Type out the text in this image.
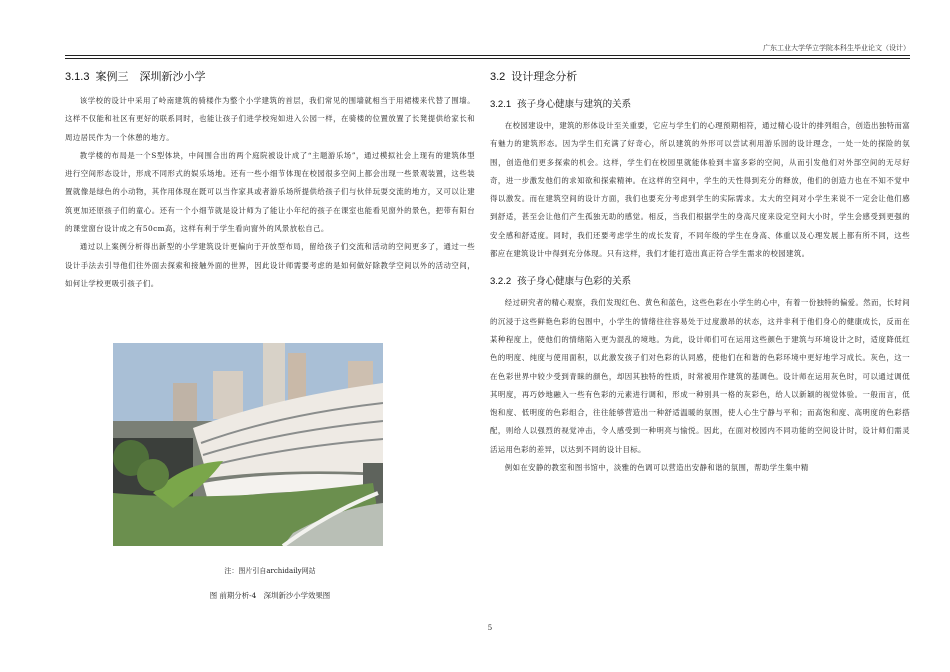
广东工业大学华立学院本科生毕业论文（设计）
3.1.3 案例三　深圳新沙小学

该学校的设计中采用了岭南建筑的骑楼作为整个小学建筑的首层，我们常见的围墙就相当于用裙楼来代替了围墙。这样不仅能和社区有更好的联系同时，也能让孩子们进学校宛如进入公园一样，在骑楼的位置放置了长凳提供给家长和周边居民作为一个休憩的地方。

教学楼的布局是一个S型体块，中间围合出的两个庭院被设计成了“主题游乐场”，通过模拟社会上现有的建筑体型进行空间形态设计，形成不同形式的娱乐场地。还有一些小细节体现在校园很多空间上都会出现一些景观装置，这些装置就像是绿色的小动物，其作用体现在既可以当作家具或者游乐场所提供给孩子们与伙伴玩耍交流的地方，又可以让建筑更加还原孩子们的童心。还有一个小细节就是设计师为了能让小年纪的孩子在课室也能看见窗外的景色，把带有阳台的课堂窗台设计成之有50cm高，这样有利于学生看向窗外的风景放松自己。

通过以上案例分析得出新型的小学建筑设计更偏向于开放型布局，留给孩子们交流和活动的空间更多了，通过一些设计手法去引导他们往外面去探索和接触外面的世界，因此设计师需要考虑的是如何做好除教学空间以外的活动空间，如何让学校更吸引孩子们。

注：图片引自archidaily网站
图 前期分析-4　深圳新沙小学效果图
3.2 设计理念分析
3.2.1 孩子身心健康与建筑的关系

在校园建设中，建筑的形体设计至关重要，它应与学生们的心理预期相符，通过精心设计的排列组合，创造出独特而富有魅力的建筑形态。因为学生们充满了好奇心，所以建筑的外形可以尝试利用游乐园的设计理念，一处一处的探险的氛围，创造他们更多探索的机会。这样，学生们在校园里就能体验到丰富多彩的空间，从而引发他们对外部空间的无尽好奇，进一步激发他们的求知欲和探索精神。在这样的空间中，学生的天性得到充分的释放，他们的创造力也在不知不觉中得以激发。而在建筑空间的设计方面，我们也要充分考虑到学生的实际需求。太大的空间对小学生来说不一定会让他们感到舒适，甚至会让他们产生孤独无助的感觉。相反，当我们根据学生的身高尺度来设定空间大小时，学生会感受到更强的安全感和舒适度。同时，我们还要考虑学生的成长发育，不同年级的学生在身高、体重以及心理发展上都有所不同，这些都应在建筑设计中得到充分体现。只有这样，我们才能打造出真正符合学生需求的校园建筑。

3.2.2 孩子身心健康与色彩的关系

经过研究者的精心观察，我们发现红色、黄色和蓝色，这些色彩在小学生的心中，有着一份独特的偏爱。然而，长时间的沉浸于这些鲜艳色彩的包围中，小学生的情绪往往容易处于过度激昂的状态，这并非利于他们身心的健康成长，反而在某种程度上，使他们的情绪陷入更为混乱的境地。为此，设计师们可在运用这些颜色于建筑与环境设计之时，适度降低红色的明度、纯度与使用面积，以此激发孩子们对色彩的认同感，使他们在和谐的色彩环境中更好地学习成长。灰色，这一在色彩世界中较少受到青睐的颜色，却因其独特的性质，时常被用作建筑的基调色。设计师在运用灰色时，可以通过调低其明度，再巧妙地融入一些有色彩的元素进行调和，形成一种别具一格的灰彩色，给人以新颖的视觉体验。一般而言，低饱和度、低明度的色彩组合，往往能够营造出一种舒适温暖的氛围，使人心生宁静与平和；而高饱和度、高明度的色彩搭配，则给人以强烈的视觉冲击，令人感受到一种明亮与愉悦。因此，在面对校园内不同功能的空间设计时，设计师们需灵活运用色彩的差异，以达到不同的设计目标。

例如在安静的教室和图书馆中，淡雅的色调可以营造出安静和谐的氛围，帮助学生集中精

5
